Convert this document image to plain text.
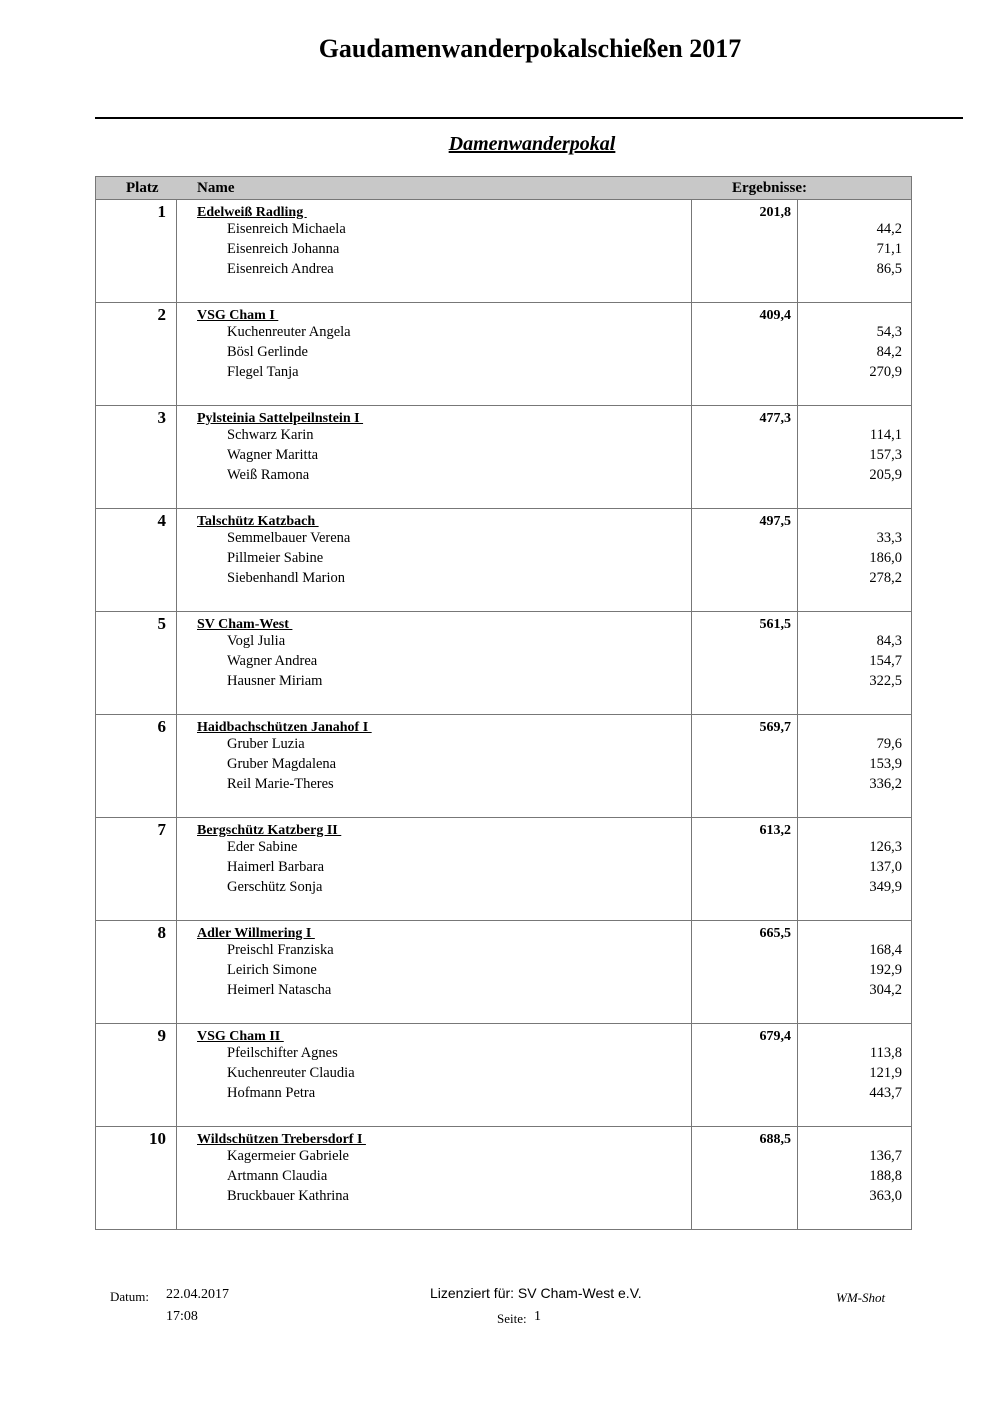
Gaudamenwanderpokalschießen 2017
Damenwanderpokal
Platz	Name	Ergebnisse:
1 Edelweiß Radling	201,8
Eisenreich Michaela	44,2
Eisenreich Johanna	71,1
Eisenreich Andrea	86,5
2 VSG Cham I	409,4
Kuchenreuter Angela	54,3
Bösl Gerlinde	84,2
Flegel Tanja	270,9
3 Pylsteinia Sattelpeilnstein I	477,3
Schwarz Karin	114,1
Wagner Maritta	157,3
Weiß Ramona	205,9
4 Talschütz Katzbach	497,5
Semmelbauer Verena	33,3
Pillmeier Sabine	186,0
Siebenhandl Marion	278,2
5 SV Cham-West	561,5
Vogl Julia	84,3
Wagner Andrea	154,7
Hausner Miriam	322,5
6 Haidbachschützen Janahof I	569,7
Gruber Luzia	79,6
Gruber Magdalena	153,9
Reil Marie-Theres	336,2
7 Bergschütz Katzberg II	613,2
Eder Sabine	126,3
Haimerl Barbara	137,0
Gerschütz Sonja	349,9
8 Adler Willmering I	665,5
Preischl Franziska	168,4
Leirich Simone	192,9
Heimerl Natascha	304,2
9 VSG Cham II	679,4
Pfeilschifter Agnes	113,8
Kuchenreuter Claudia	121,9
Hofmann Petra	443,7
10 Wildschützen Trebersdorf I	688,5
Kagermeier Gabriele	136,7
Artmann Claudia	188,8
Bruckbauer Kathrina	363,0
Datum: 22.04.2017
17:08
Lizenziert für: SV Cham-West e.V.
Seite: 1
WM-Shot
